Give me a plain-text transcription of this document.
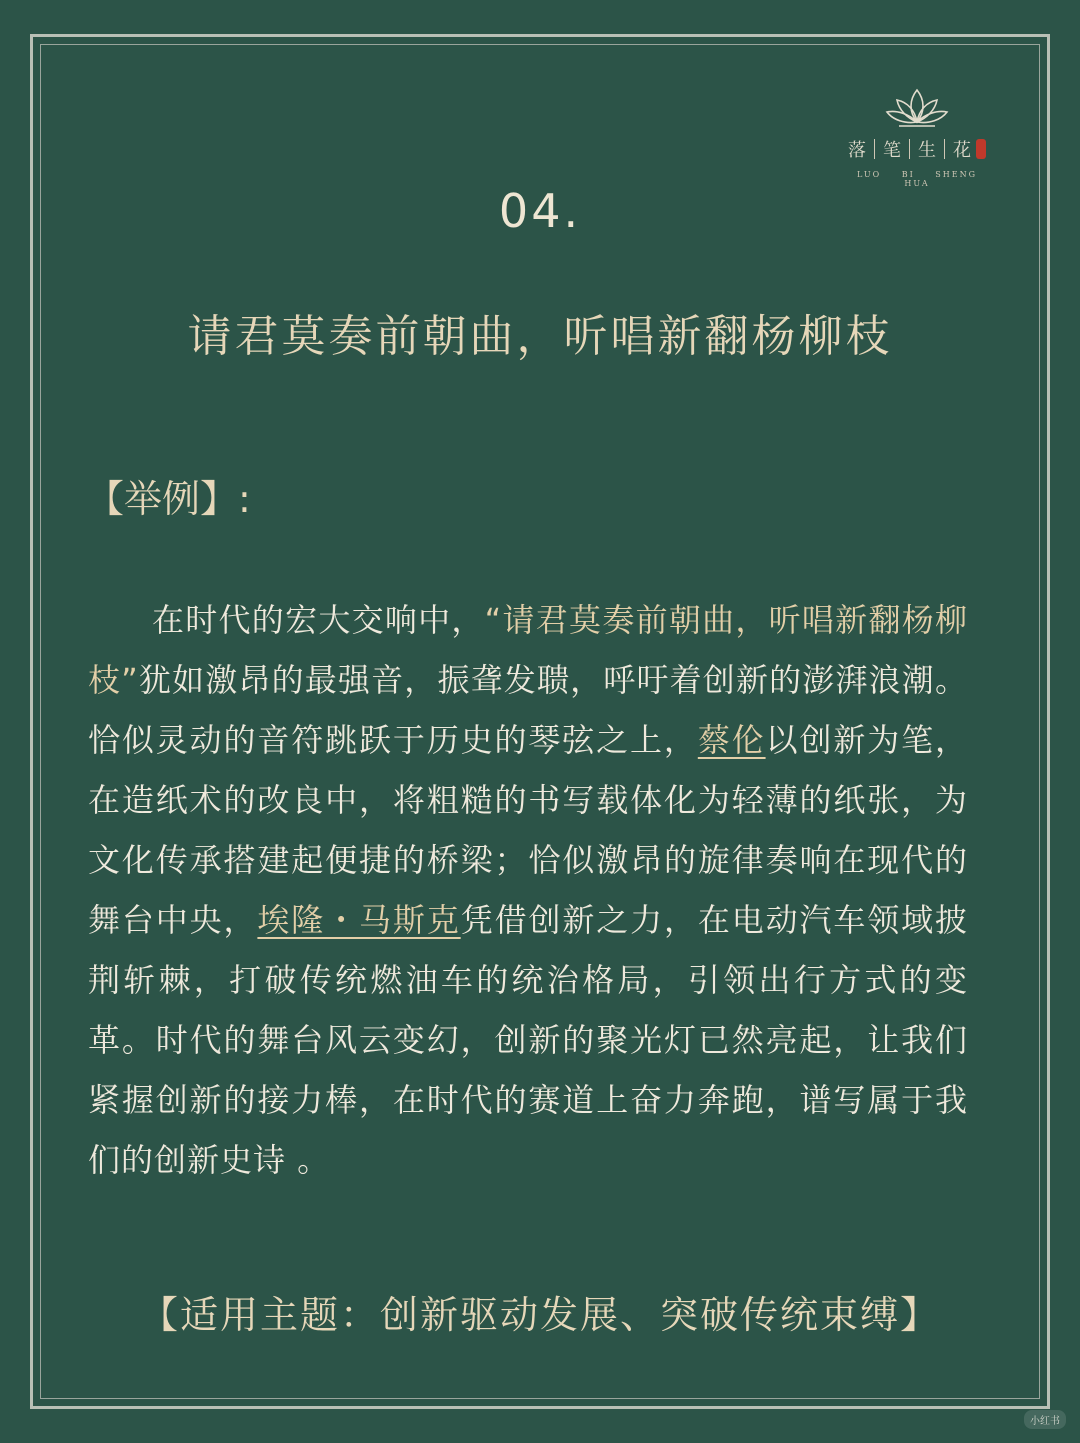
落 笔 生 花
LUO BI SHENG HUA
04.
请君莫奏前朝曲，听唱新翻杨柳枝
【举例】:
在时代的宏大交响中，“请君莫奏前朝曲，听唱新翻杨柳枝”犹如激昂的最强音，振聋发聩，呼吁着创新的澎湃浪潮。恰似灵动的音符跳跃于历史的琴弦之上，蔡伦以创新为笔，在造纸术的改良中，将粗糙的书写载体化为轻薄的纸张，为文化传承搭建起便捷的桥梁；恰似激昂的旋律奏响在现代的舞台中央，埃隆・马斯克凭借创新之力，在电动汽车领域披荆斩棘，打破传统燃油车的统治格局，引领出行方式的变革。时代的舞台风云变幻，创新的聚光灯已然亮起，让我们紧握创新的接力棒，在时代的赛道上奋力奔跑，谱写属于我们的创新史诗 。
【适用主题：创新驱动发展、突破传统束缚】
小红书
